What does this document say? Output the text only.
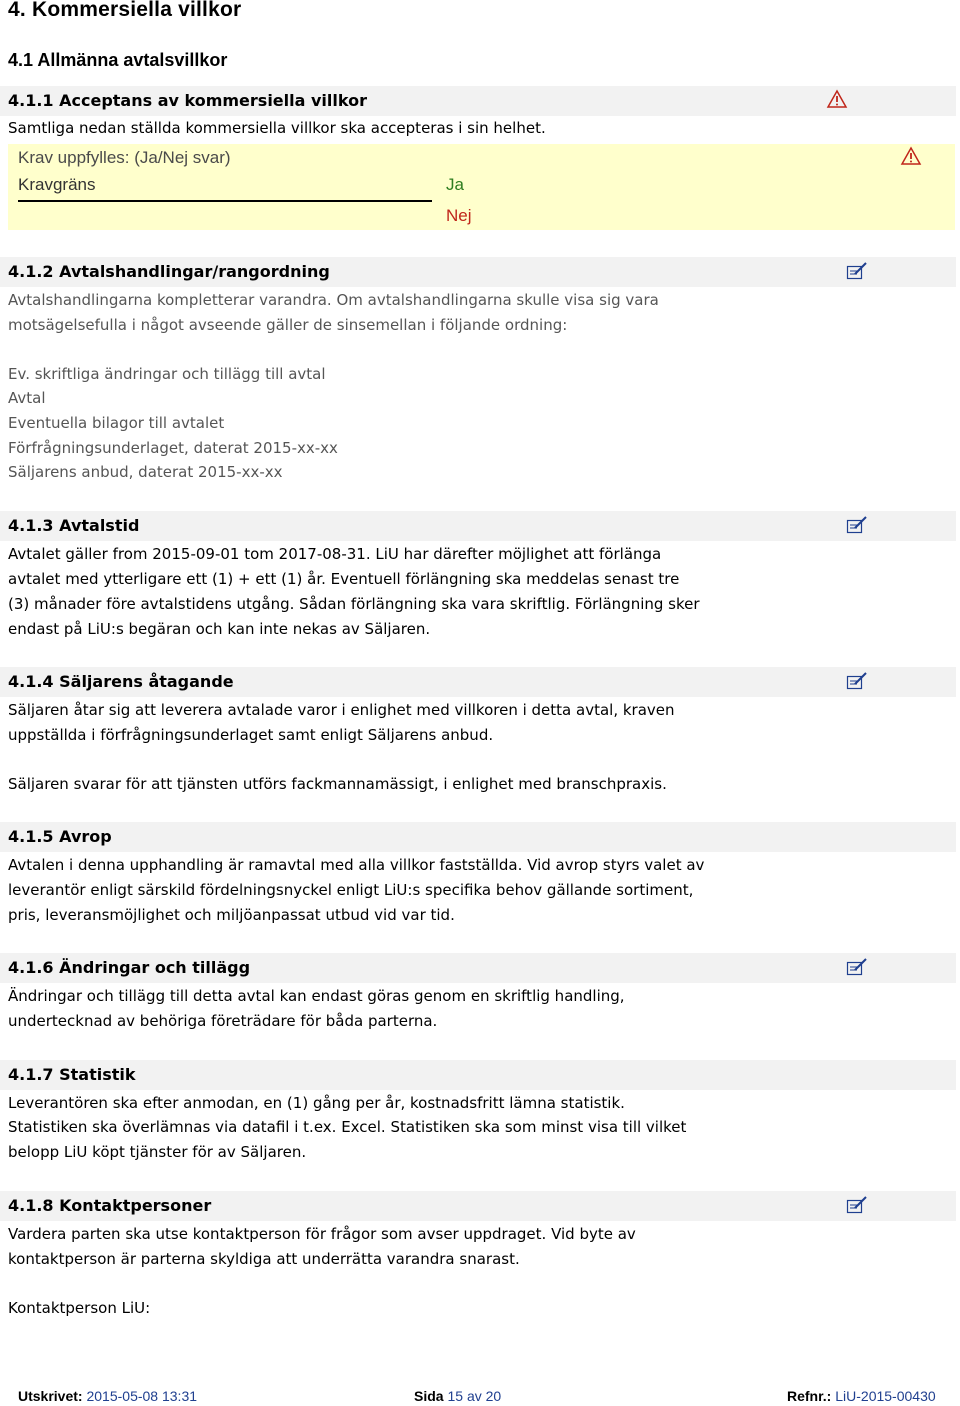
4. Kommersiella villkor
4.1 Allmänna avtalsvillkor
4.1.1 Acceptans av kommersiella villkor
Samtliga nedan ställda kommersiella villkor ska accepteras i sin helhet.
Krav uppfylles: (Ja/Nej svar)
Kravgräns	Ja
Nej
4.1.2 Avtalshandlingar/rangordning
Avtalshandlingarna kompletterar varandra. Om avtalshandlingarna skulle visa sig vara
motsägelsefulla i något avseende gäller de sinsemellan i följande ordning:
Ev. skriftliga ändringar och tillägg till avtal
Avtal
Eventuella bilagor till avtalet
Förfrågningsunderlaget, daterat 2015-xx-xx
Säljarens anbud, daterat 2015-xx-xx
4.1.3 Avtalstid
Avtalet gäller from 2015-09-01 tom 2017-08-31. LiU har därefter möjlighet att förlänga
avtalet med ytterligare ett (1) + ett (1) år. Eventuell förlängning ska meddelas senast tre
(3) månader före avtalstidens utgång. Sådan förlängning ska vara skriftlig. Förlängning sker
endast på LiU:s begäran och kan inte nekas av Säljaren.
4.1.4 Säljarens åtagande
Säljaren åtar sig att leverera avtalade varor i enlighet med villkoren i detta avtal, kraven
uppställda i förfrågningsunderlaget samt enligt Säljarens anbud.
Säljaren svarar för att tjänsten utförs fackmannamässigt, i enlighet med branschpraxis.
4.1.5 Avrop
Avtalen i denna upphandling är ramavtal med alla villkor fastställda. Vid avrop styrs valet av
leverantör enligt särskild fördelningsnyckel enligt LiU:s specifika behov gällande sortiment,
pris, leveransmöjlighet och miljöanpassat utbud vid var tid.
4.1.6 Ändringar och tillägg
Ändringar och tillägg till detta avtal kan endast göras genom en skriftlig handling,
undertecknad av behöriga företrädare för båda parterna.
4.1.7 Statistik
Leverantören ska efter anmodan, en (1) gång per år, kostnadsfritt lämna statistik.
Statistiken ska överlämnas via datafil i t.ex. Excel. Statistiken ska som minst visa till vilket
belopp LiU köpt tjänster för av Säljaren.
4.1.8 Kontaktpersoner
Vardera parten ska utse kontaktperson för frågor som avser uppdraget. Vid byte av
kontaktperson är parterna skyldiga att underrätta varandra snarast.
Kontaktperson LiU:
Utskrivet: 2015-05-08 13:31	Sida 15 av 20	Refnr.: LiU-2015-00430
